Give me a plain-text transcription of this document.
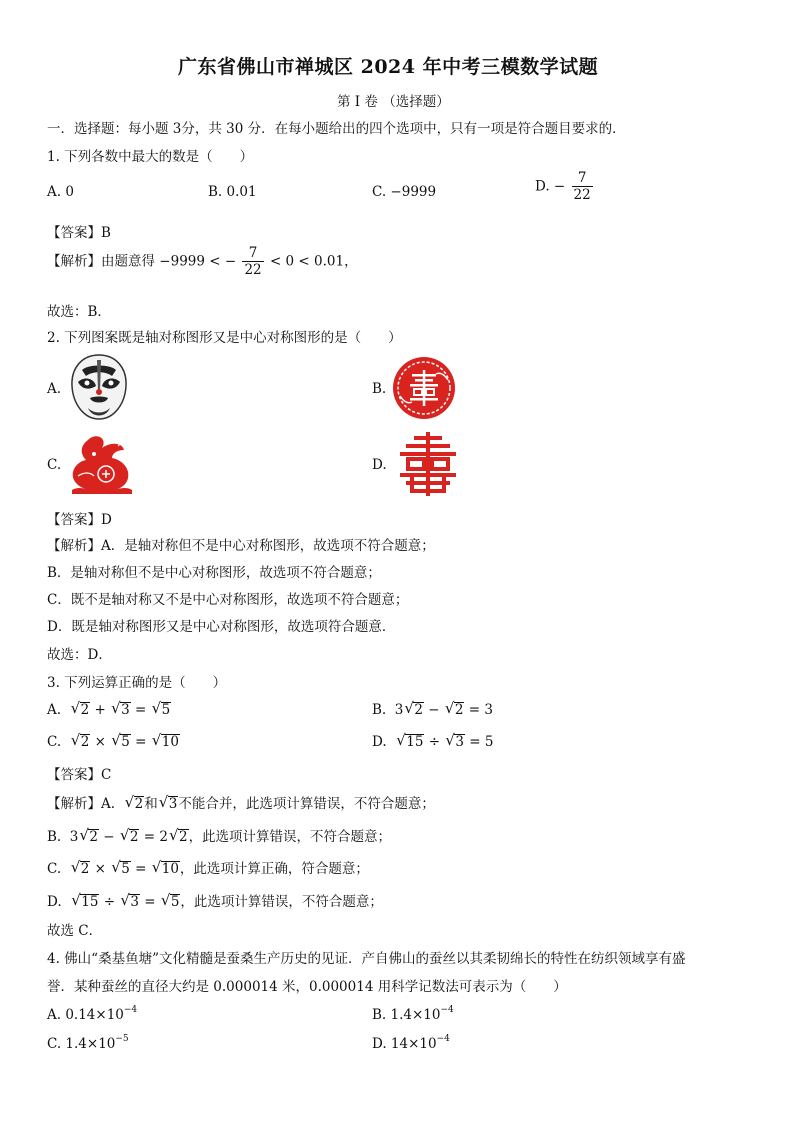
广东省佛山市禅城区 2024 年中考三模数学试题
第 I 卷 （选择题）
一．选择题：每小题 3分，共 30 分．在每小题给出的四个选项中，只有一项是符合题目要求的．
1. 下列各数中最大的数是（　　）
A. 0	B. 0.01	C. −9999	D. − $\frac{7}{22}$
【答案】B
【解析】由题意得 −9999 < − $\frac{7}{22} < 0 < 0.01$，
故选：B．
2. 下列图案既是轴对称图形又是中心对称图形的是（　　）
A.	B.
C.	D.
【答案】D
【解析】A．是轴对称但不是中心对称图形，故选项不符合题意；
B．是轴对称但不是中心对称图形，故选项不符合题意；
C．既不是轴对称又不是中心对称图形，故选项不符合题意；
D．既是轴对称图形又是中心对称图形，故选项符合题意．
故选：D．
3. 下列运算正确的是（　　）
A. √ 2 + √ 3 = √ 5	B.  3 √ 2 − √ 2 = 3
C. √ 2 × √ 5 = √ 10	D. √ 15 ÷ √ 3 = 5
【答案】C
【解析】A. √ 2和 √ 3不能合并，此选项计算错误，不符合题意；
B.  3 √ 2 − √ 2 = 2 √ 2，此选项计算错误，不符合题意；
C. √ 2 × √ 5 = √ 10，此选项计算正确，符合题意；
D. √ 15 ÷ √ 3 = √ 5，此选项计算错误，不符合题意；
故选 C．
4. 佛山“桑基鱼塘”文化精髓是蚕桑生产历史的见证．产自佛山的蚕丝以其柔韧绵长的特性在纺织领域享有盛
誉．某种蚕丝的直径大约是 0.000014 米，0.000014 用科学记数法可表示为（　　）
A. $0.14\times 10^{-4}$	B. $1.4\times 10^{-4}$
C. $1.4\times 10^{-5}$	D. $14\times 10^{-4}$
